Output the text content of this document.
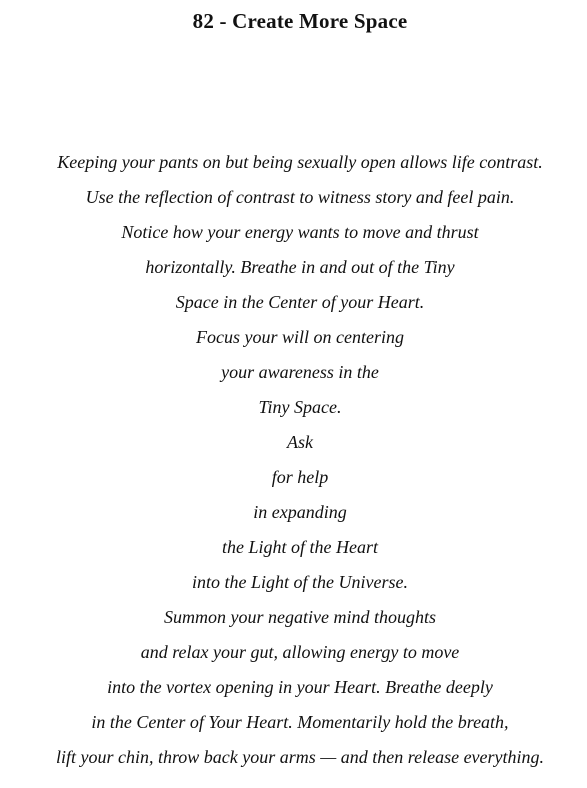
82 - Create More Space
Keeping your pants on but being sexually open allows life contrast.
Use the reflection of contrast to witness story and feel pain.
Notice how your energy wants to move and thrust
horizontally. Breathe in and out of the Tiny
Space in the Center of your Heart.
Focus your will on centering
your awareness in the
Tiny Space.
Ask
for help
in expanding
the Light of the Heart
into the Light of the Universe.
Summon your negative mind thoughts
and relax your gut, allowing energy to move
into the vortex opening in your Heart. Breathe deeply
in the Center of Your Heart. Momentarily hold the breath,
lift your chin, throw back your arms — and then release everything.
